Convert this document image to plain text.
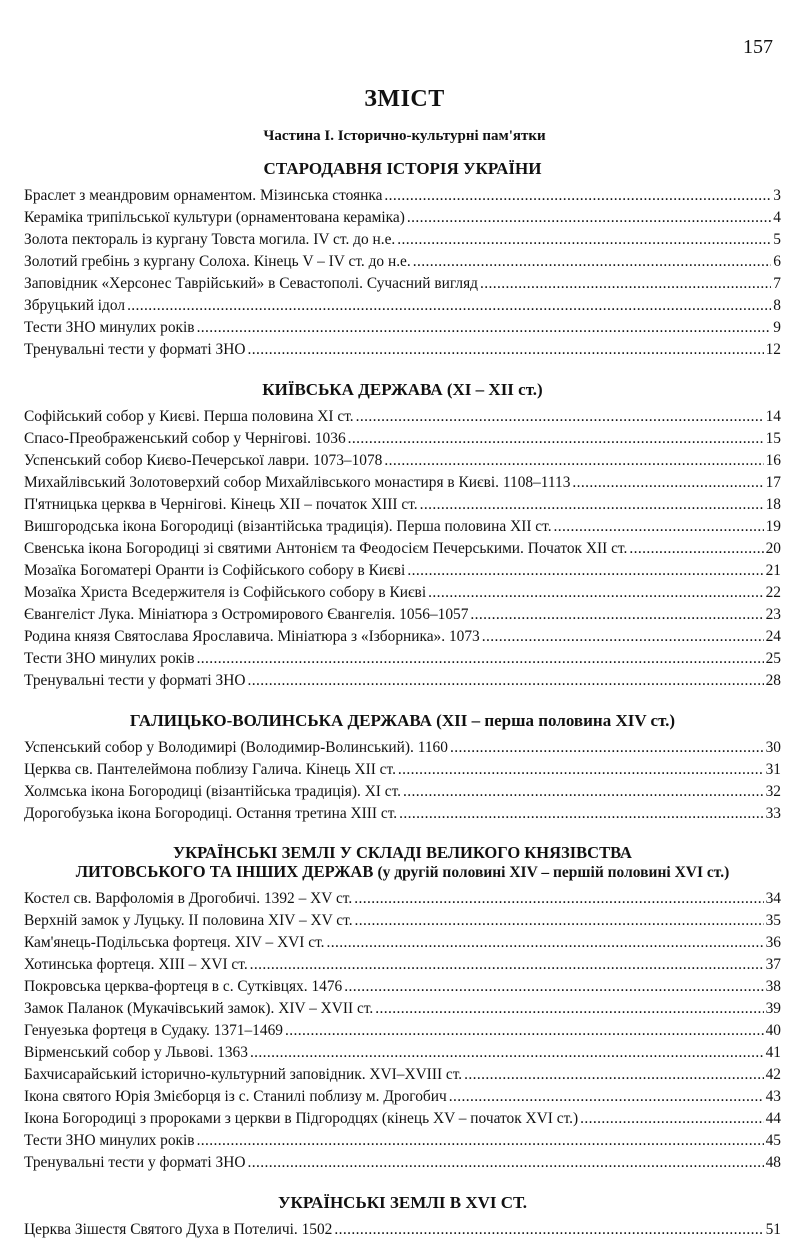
157
ЗМІСТ
Частина І. Історично-культурні пам'ятки
СТАРОДАВНЯ ІСТОРІЯ УКРАЇНИ
Браслет з меандровим орнаментом. Мізинська стоянка .....	3
Кераміка трипільської культури (орнаментована кераміка) .....	4
Золота пектораль із кургану Товста могила. IV ст. до н.е. .....	5
Золотий гребінь з кургану Солоха. Кінець V – IV ст. до н.е. .....	6
Заповідник «Херсонес Таврійський» в Севастополі. Сучасний вигляд .....	7
Збруцький ідол .....	8
Тести ЗНО минулих років .....	9
Тренувальні тести у форматі ЗНО .....	12
КИЇВСЬКА ДЕРЖАВА (ХІ – ХІІ ст.)
Софійський собор у Києві. Перша половина ХІ ст. .....	14
Спасо-Преображенський собор у Чернігові. 1036 .....	15
Успенський собор Києво-Печерської лаври. 1073–1078 .....	16
Михайлівський Золотоверхий собор Михайлівського монастиря в Києві. 1108–1113 .....	17
П'ятницька церква в Чернігові. Кінець ХІІ – початок ХІІІ ст. .....	18
Вишгородська ікона Богородиці (візантійська традиція). Перша половина ХІІ ст. .....	19
Свенська ікона Богородиці зі святими Антонієм та Феодосієм Печерськими. Початок ХІІ ст. .....	20
Мозаїка Богоматері Оранти із Софійського собору в Києві .....	21
Мозаїка Христа Вседержителя із Софійського собору в Києві .....	22
Євангеліст Лука. Мініатюра з Остромирового Євангелія. 1056–1057 .....	23
Родина князя Святослава Ярославича. Мініатюра з «Ізборника». 1073 .....	24
Тести ЗНО минулих років .....	25
Тренувальні тести у форматі ЗНО .....	28
ГАЛИЦЬКО-ВОЛИНСЬКА ДЕРЖАВА (ХІІ – перша половина XIV ст.)
Успенський собор у Володимирі (Володимир-Волинський). 1160 .....	30
Церква св. Пантелеймона поблизу Галича. Кінець ХІІ ст. .....	31
Холмська ікона Богородиці (візантійська традиція). ХІ ст. .....	32
Дорогобузька ікона Богородиці. Остання третина XIII ст. .....	33
УКРАЇНСЬКІ ЗЕМЛІ У СКЛАДІ ВЕЛИКОГО КНЯЗІВСТВА
ЛИТОВСЬКОГО ТА ІНШИХ ДЕРЖАВ (у другій половині XIV – першій половині XVI ст.)
Костел св. Варфоломія в Дрогобичі. 1392 – XV ст. .....	34
Верхній замок у Луцьку. ІІ половина XIV – XV ст. .....	35
Кам'янець-Подільська фортеця. XIV – XVI ст. .....	36
Хотинська фортеця. XIII – XVI ст. .....	37
Покровська церква-фортеця в с. Сутківцях. 1476 .....	38
Замок Паланок (Мукачівський замок). XIV – XVII ст. .....	39
Генуезька фортеця в Судаку. 1371–1469 .....	40
Вірменський собор у Львові. 1363 .....	41
Бахчисарайський історично-культурний заповідник. XVI–XVIII ст. .....	42
Ікона святого Юрія Змієборця із с. Станилі поблизу м. Дрогобич .....	43
Ікона Богородиці з пророками з церкви в Підгородцях (кінець XV – початок XVI ст.) .....	44
Тести ЗНО минулих років .....	45
Тренувальні тести у форматі ЗНО .....	48
УКРАЇНСЬКІ ЗЕМЛІ В XVI СТ.
Церква Зішестя Святого Духа в Потеличі. 1502 .....	51
